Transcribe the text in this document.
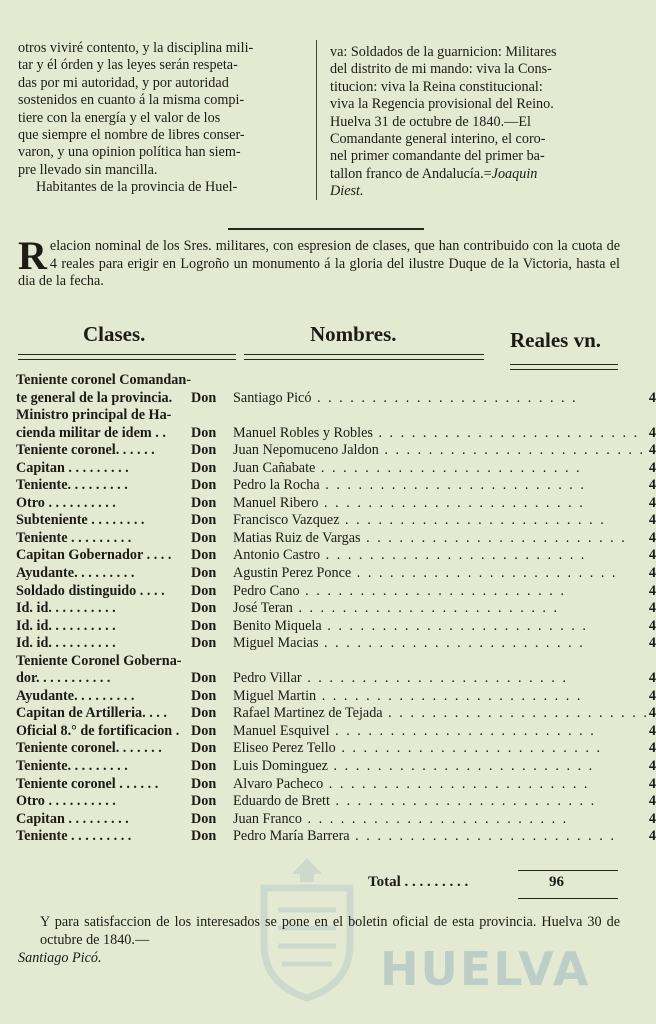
otros viviré contento, y la disciplina mili-
tar y él órden y las leyes serán respeta-
das por mi autoridad, y por autoridad
sostenidos en cuanto á la misma compi-
tiere con la energía y el valor de los
que siempre el nombre de libres conser-
varon, y una opinion política han siem-
pre llevado sin mancilla.
Habitantes de la provincia de Huel-
va: Soldados de la guarnicion: Militares
del distrito de mi mando: viva la Cons-
titucion: viva la Reina constitucional:
viva la Regencia provisional del Reino.
Huelva 31 de octubre de 1840.—El
Comandante general interino, el coro-
nel primer comandante del primer ba-
tallon franco de Andalucía.=Joaquin
Diest.
Relacion nominal de los Sres. militares, con espresion de clases, que han contribuido con la cuota de 4 reales para erigir en Logroño un monumento á la gloria del ilustre Duque de la Victoria, hasta el dia de la fecha.
Clases.	Nombres.	Reales vn.
Teniente coronel Comandan-		
te general de la provincia.	Don Santiago Picó . . . . . . . . . . . . . . . . . . . . . . . .	4
Ministro principal de Ha-		
cienda militar de idem . .	Don Manuel Robles y Robles . . . . . . . . . . . . . . . . . . . . . . . .	4
Teniente coronel. . . . . .	Don Juan Nepomuceno Jaldon . . . . . . . . . . . . . . . . . . . . . . . .	4
Capitan . . . . . . . . .	Don Juan Cañabate . . . . . . . . . . . . . . . . . . . . . . . .	4
Teniente. . . . . . . . .	Don Pedro la Rocha . . . . . . . . . . . . . . . . . . . . . . . .	4
Otro . . . . . . . . . .	Don Manuel Ribero . . . . . . . . . . . . . . . . . . . . . . . .	4
Subteniente . . . . . . . .	Don Francisco Vazquez . . . . . . . . . . . . . . . . . . . . . . . .	4
Teniente . . . . . . . . .	Don Matias Ruiz de Vargas . . . . . . . . . . . . . . . . . . . . . . . .	4
Capitan Gobernador . . . .	Don Antonio Castro . . . . . . . . . . . . . . . . . . . . . . . .	4
Ayudante. . . . . . . . .	Don Agustin Perez Ponce . . . . . . . . . . . . . . . . . . . . . . . .	4
Soldado distinguido . . . .	Don Pedro Cano . . . . . . . . . . . . . . . . . . . . . . . .	4
Id. id. . . . . . . . . .	Don José Teran . . . . . . . . . . . . . . . . . . . . . . . .	4
Id. id. . . . . . . . . .	Don Benito Miquela . . . . . . . . . . . . . . . . . . . . . . . .	4
Id. id. . . . . . . . . .	Don Miguel Macias . . . . . . . . . . . . . . . . . . . . . . . .	4
Teniente Coronel Goberna-		
dor. . . . . . . . . . .	Don Pedro Villar . . . . . . . . . . . . . . . . . . . . . . . .	4
Ayudante. . . . . . . . .	Don Miguel Martin . . . . . . . . . . . . . . . . . . . . . . . .	4
Capitan de Artilleria. . . .	Don Rafael Martinez de Tejada . . . . . . . . . . . . . . . . . . . . . . . .	4
Oficial 8.° de fortificacion .	Don Manuel Esquivel . . . . . . . . . . . . . . . . . . . . . . . .	4
Teniente coronel. . . . . . .	Don Eliseo Perez Tello . . . . . . . . . . . . . . . . . . . . . . . .	4
Teniente. . . . . . . . .	Don Luis Dominguez . . . . . . . . . . . . . . . . . . . . . . . .	4
Teniente coronel . . . . . .	Don Alvaro Pacheco . . . . . . . . . . . . . . . . . . . . . . . .	4
Otro . . . . . . . . . .	Don Eduardo de Brett . . . . . . . . . . . . . . . . . . . . . . . .	4
Capitan . . . . . . . . .	Don Juan Franco . . . . . . . . . . . . . . . . . . . . . . . .	4
Teniente . . . . . . . . .	Don Pedro María Barrera . . . . . . . . . . . . . . . . . . . . . . . .	4
Total . . . . . . . . .	96
HUELVA
Y para satisfaccion de los interesados se pone en el boletin oficial de esta provincia. Huelva 30 de octubre de 1840.—Santiago Picó.
